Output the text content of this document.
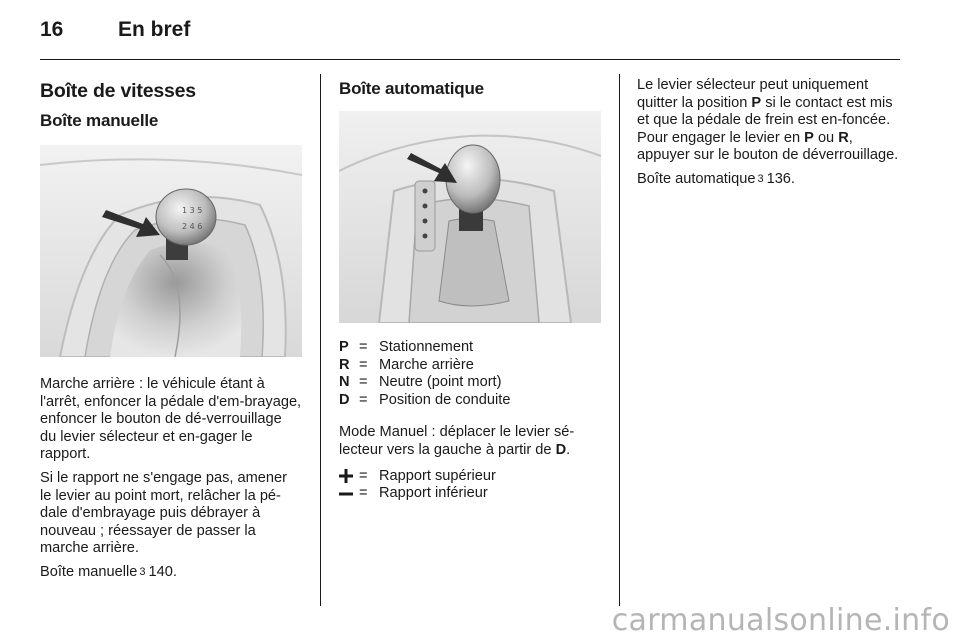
16	En bref
Boîte de vitesses
Boîte manuelle
1 3 5
2 4 6

Marche arrière : le véhicule étant à l'arrêt, enfoncer la pédale d'em-brayage, enfoncer le bouton de dé-verrouillage du levier sélecteur et en-gager le rapport.

Si le rapport ne s'engage pas, amener le levier au point mort, relâcher la pé-dale d'embrayage puis débrayer à nouveau ; réessayer de passer la marche arrière.

Boîte manuelle 3 140.

Boîte automatique
P = Stationnement
R = Marche arrière
N = Neutre (point mort)
D = Position de conduite

Mode Manuel : déplacer le levier sé-lecteur vers la gauche à partir de D.

= Rapport supérieur
= Rapport inférieur

Le levier sélecteur peut uniquement quitter la position P si le contact est mis et que la pédale de frein est en-foncée. Pour engager le levier en P ou R, appuyer sur le bouton de déverrouillage.

Boîte automatique 3 136.

carmanualsonline.info
